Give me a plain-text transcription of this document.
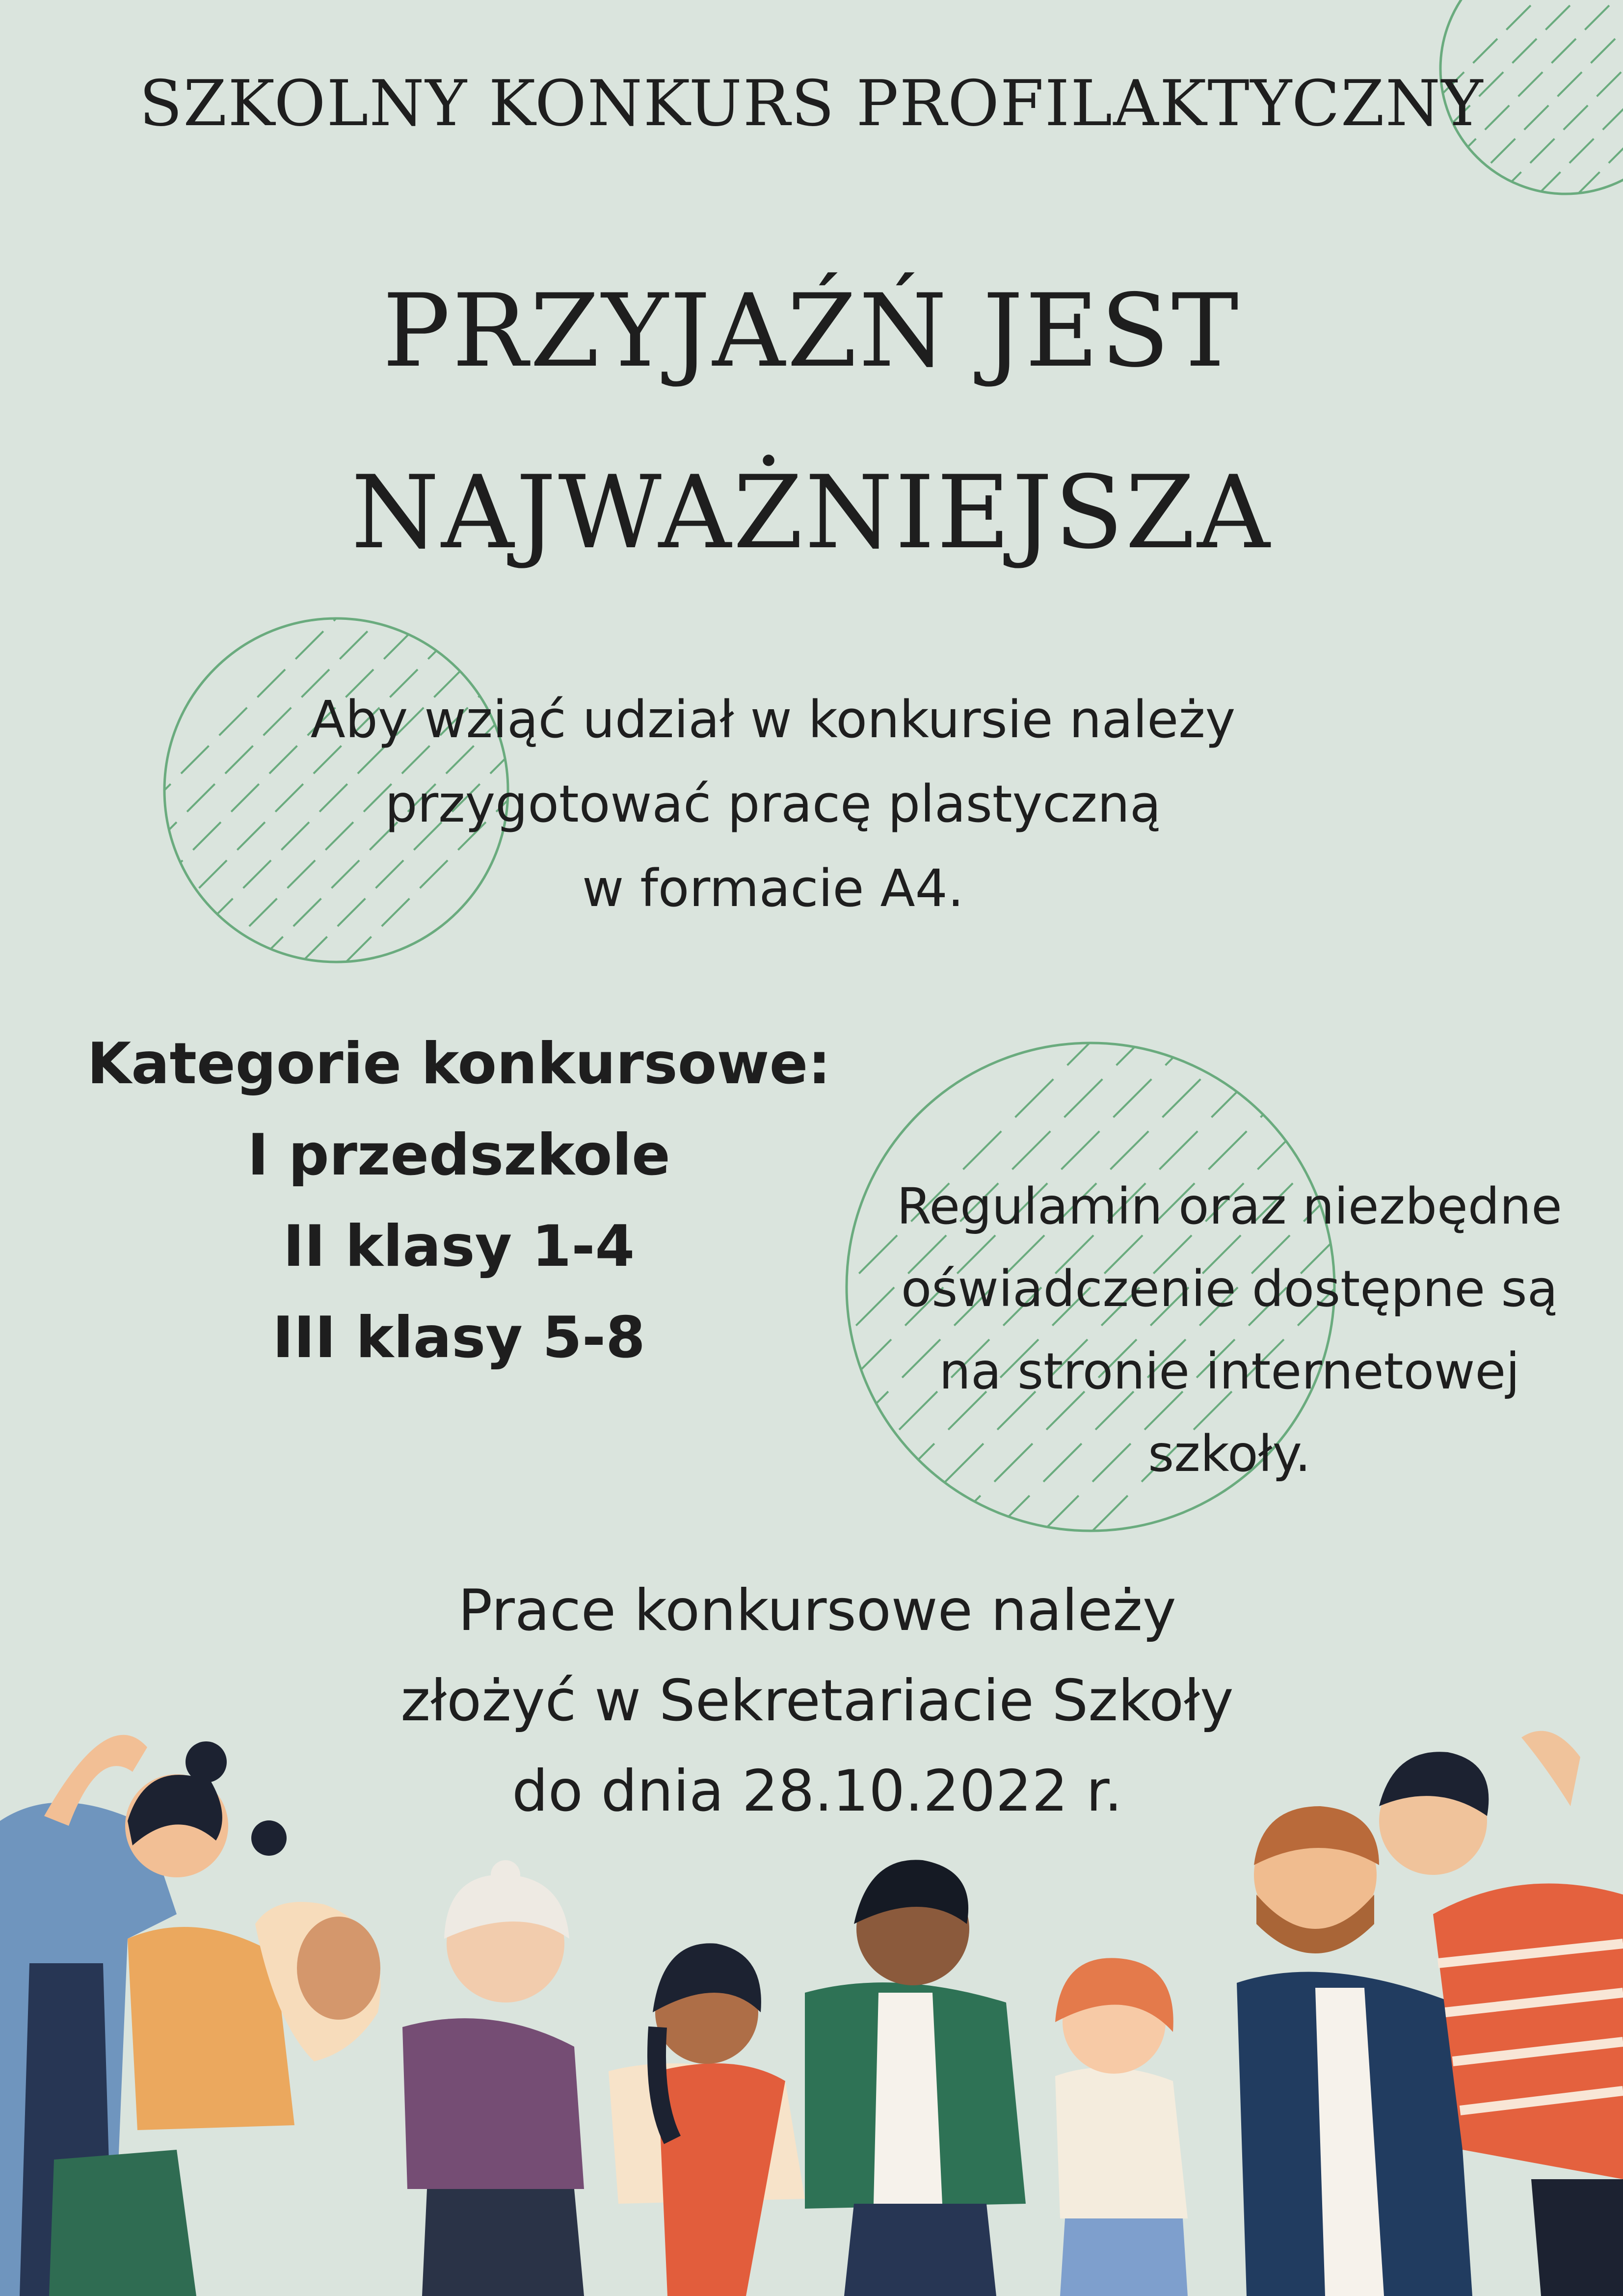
SZKOLNY KONKURS PROFILAKTYCZNY
PRZYJAŹŃ JEST
NAJWAŻNIEJSZA
Aby wziąć udział w konkursie należy
przygotować pracę plastyczną
w formacie A4.
Kategorie konkursowe:
I przedszkole
II klasy 1-4
III klasy 5-8
Regulamin oraz niezbędne
oświadczenie dostępne są
na stronie internetowej
szkoły.
Prace konkursowe należy
złożyć w Sekretariacie Szkoły
do dnia 28.10.2022 r.
